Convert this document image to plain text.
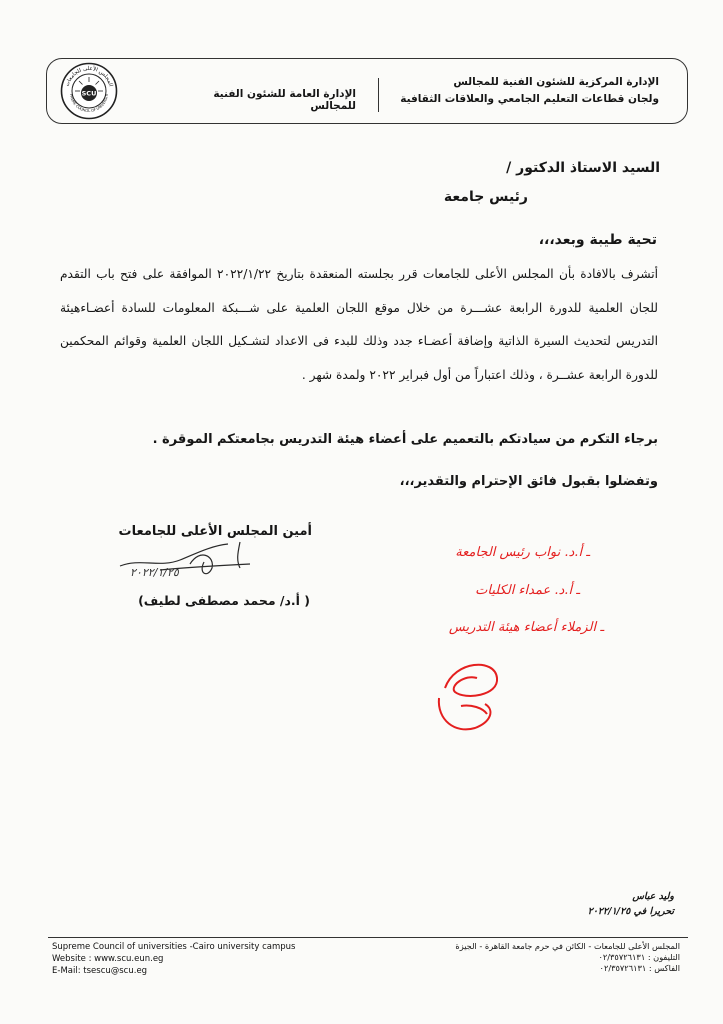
المجلس الأعلى للجامعات
PREME COUNCIL OF UNIVERSITI
SCU
الإدارة المركزية للشئون الفنية للمجالس
ولجان قطاعات التعليم الجامعي والعلاقات الثقافية
الإدارة العامة للشئون الفنية للمجالس
السيد الاستاذ الدكتور /
رئيس جامعة
تحية طيبة وبعد،،،
أتشرف بالافادة بأن المجلس الأعلى للجامعات قرر بجلسته المنعقدة بتاريخ ٢٠٢٢/١/٢٢ الموافقة على فتح باب التقدم للجان العلمية للدورة الرابعة عشـــرة من خلال موقع اللجان العلمية على شـــبكة المعلومات للسادة أعضـاءهيئة التدريس لتحديث السيرة الذاتية وإضافة أعضـاء جدد وذلك للبدء فى الاعداد لتشـكيل اللجان العلمية وقوائم المحكمين للدورة الرابعة عشــرة ، وذلك اعتباراً من أول فبراير ٢٠٢٢ ولمدة شهر .
برجاء التكرم من سيادتكم بالتعميم على أعضاء هيئة التدريس بجامعتكم الموقرة .
وتفضلوا بقبول فائق الإحترام والتقدير،،،
أمين المجلس الأعلى للجامعات
٢٠٢٢/١/٢٥
( أ.د/ محمد مصطفى لطيف)
ـ أ.د. نواب رئيس الجامعة
ـ أ.د. عمداء الكليات
ـ الزملاء أعضاء هيئة التدريس
وليد عباس
تحريرا في ٢٠٢٢/١/٢٥
Supreme Council of universities -Cairo university campus
Website : www.scu.eun.eg
E-Mail: tsescu@scu.eg
المجلس الأعلى للجامعات - الكائن في حرم جامعة القاهرة - الجيزة
التليفون : ٠٢/٣٥٧٢٦١٣١
الفاكس : ٠٢/٣٥٧٢٦١٣١
